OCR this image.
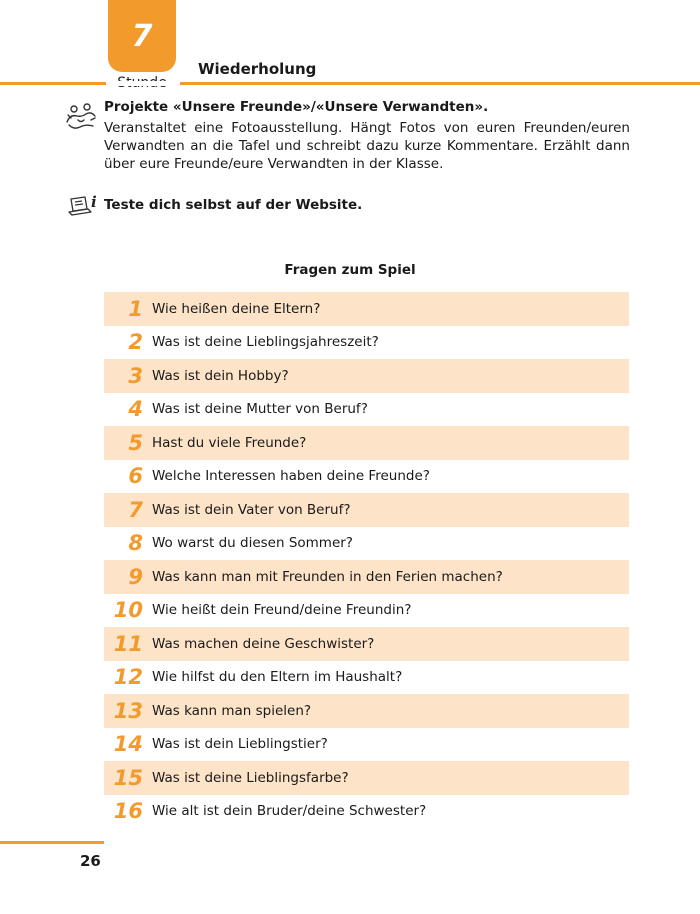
7
Wiederholung

Projekte «Unsere Freunde»/«Unsere Verwandten».

Veranstaltet eine Fotoausstellung. Hängt Fotos von euren Freunden/euren Verwandten an die Tafel und schreibt dazu kurze Kommentare. Erzählt dann über eure Freunde/eure Verwandten in der Klasse.

i Teste dich selbst auf der Website.
Fragen zum Spiel
1 Wie heißen deine Eltern?
2 Was ist deine Lieblingsjahreszeit?
3 Was ist dein Hobby?
4 Was ist deine Mutter von Beruf?
5 Hast du viele Freunde?
6 Welche Interessen haben deine Freunde?
7 Was ist dein Vater von Beruf?
8 Wo warst du diesen Sommer?
9 Was kann man mit Freunden in den Ferien machen?
10 Wie heißt dein Freund/deine Freundin?
11 Was machen deine Geschwister?
12 Wie hilfst du den Eltern im Haushalt?
13 Was kann man spielen?
14 Was ist dein Lieblingstier?
15 Was ist deine Lieblingsfarbe?
16 Wie alt ist dein Bruder/deine Schwester?
26
